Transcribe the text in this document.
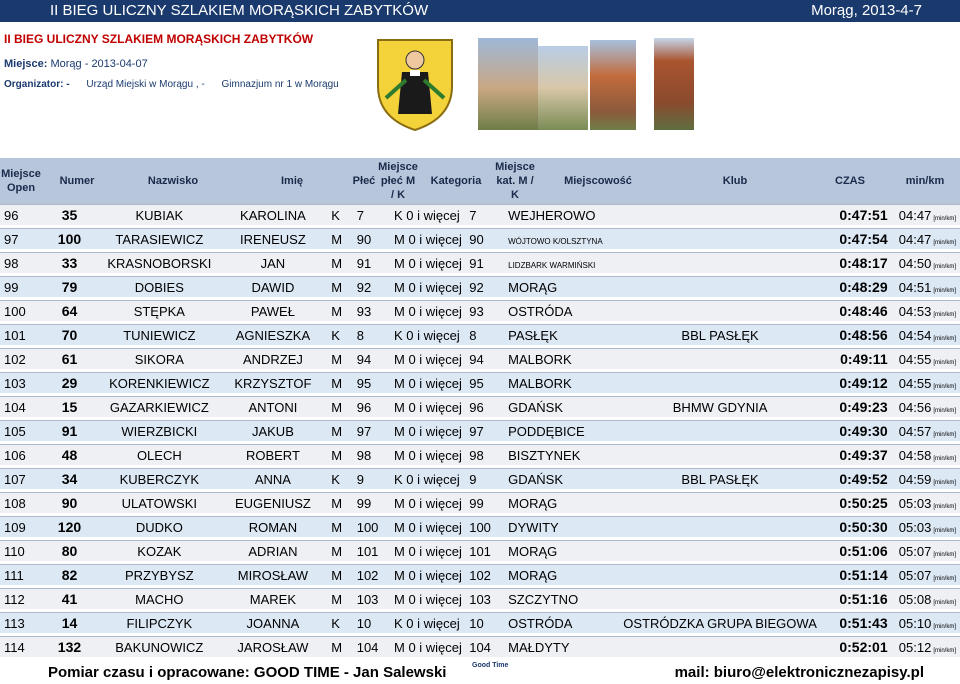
II BIEG ULICZNY SZLAKIEM MORĄSKICH ZABYTKÓW	Morąg, 2013-4-7
II BIEG ULICZNY SZLAKIEM MORĄSKICH ZABYTKÓW
Miejsce: Morąg - 2013-04-07
Organizator: - Urząd Miejski w Morągu , - Gimnazjum nr 1 w Morągu
Miejsce Open	Numer	Nazwisko	Imię	Płeć	Miejsce płeć M / K	Kategoria	Miejsce kat. M / K	Miejscowość	Klub	CZAS	min/km
96	35	KUBIAK	KAROLINA	K	7	K 0 i więcej	7	WEJHEROWO		0:47:51	04:47 [min/km]
97	100	TARASIEWICZ	IRENEUSZ	M	90	M 0 i więcej	90	WÓJTOWO K/OLSZTYNA		0:47:54	04:47 [min/km]
98	33	KRASNOBORSKI	JAN	M	91	M 0 i więcej	91	LIDZBARK WARMIŃSKI		0:48:17	04:50 [min/km]
99	79	DOBIES	DAWID	M	92	M 0 i więcej	92	MORĄG		0:48:29	04:51 [min/km]
100	64	STĘPKA	PAWEŁ	M	93	M 0 i więcej	93	OSTRÓDA		0:48:46	04:53 [min/km]
101	70	TUNIEWICZ	AGNIESZKA	K	8	K 0 i więcej	8	PASŁĘK	BBL PASŁĘK	0:48:56	04:54 [min/km]
102	61	SIKORA	ANDRZEJ	M	94	M 0 i więcej	94	MALBORK		0:49:11	04:55 [min/km]
103	29	KORENKIEWICZ	KRZYSZTOF	M	95	M 0 i więcej	95	MALBORK		0:49:12	04:55 [min/km]
104	15	GAZARKIEWICZ	ANTONI	M	96	M 0 i więcej	96	GDAŃSK	BHMW GDYNIA	0:49:23	04:56 [min/km]
105	91	WIERZBICKI	JAKUB	M	97	M 0 i więcej	97	PODDĘBICE		0:49:30	04:57 [min/km]
106	48	OLECH	ROBERT	M	98	M 0 i więcej	98	BISZTYNEK		0:49:37	04:58 [min/km]
107	34	KUBERCZYK	ANNA	K	9	K 0 i więcej	9	GDAŃSK	BBL PASŁĘK	0:49:52	04:59 [min/km]
108	90	ULATOWSKI	EUGENIUSZ	M	99	M 0 i więcej	99	MORĄG		0:50:25	05:03 [min/km]
109	120	DUDKO	ROMAN	M	100	M 0 i więcej	100	DYWITY		0:50:30	05:03 [min/km]
110	80	KOZAK	ADRIAN	M	101	M 0 i więcej	101	MORĄG		0:51:06	05:07 [min/km]
111	82	PRZYBYSZ	MIROSŁAW	M	102	M 0 i więcej	102	MORĄG		0:51:14	05:07 [min/km]
112	41	MACHO	MAREK	M	103	M 0 i więcej	103	SZCZYTNO		0:51:16	05:08 [min/km]
113	14	FILIPCZYK	JOANNA	K	10	K 0 i więcej	10	OSTRÓDA	OSTRÓDZKA GRUPA BIEGOWA	0:51:43	05:10 [min/km]
114	132	BAKUNOWICZ	JAROSŁAW	M	104	M 0 i więcej	104	MAŁDYTY		0:52:01	05:12 [min/km]
Pomiar czasu i opracowane: GOOD TIME - Jan Salewski	Good Time	mail: biuro@elektronicznezapisy.pl
